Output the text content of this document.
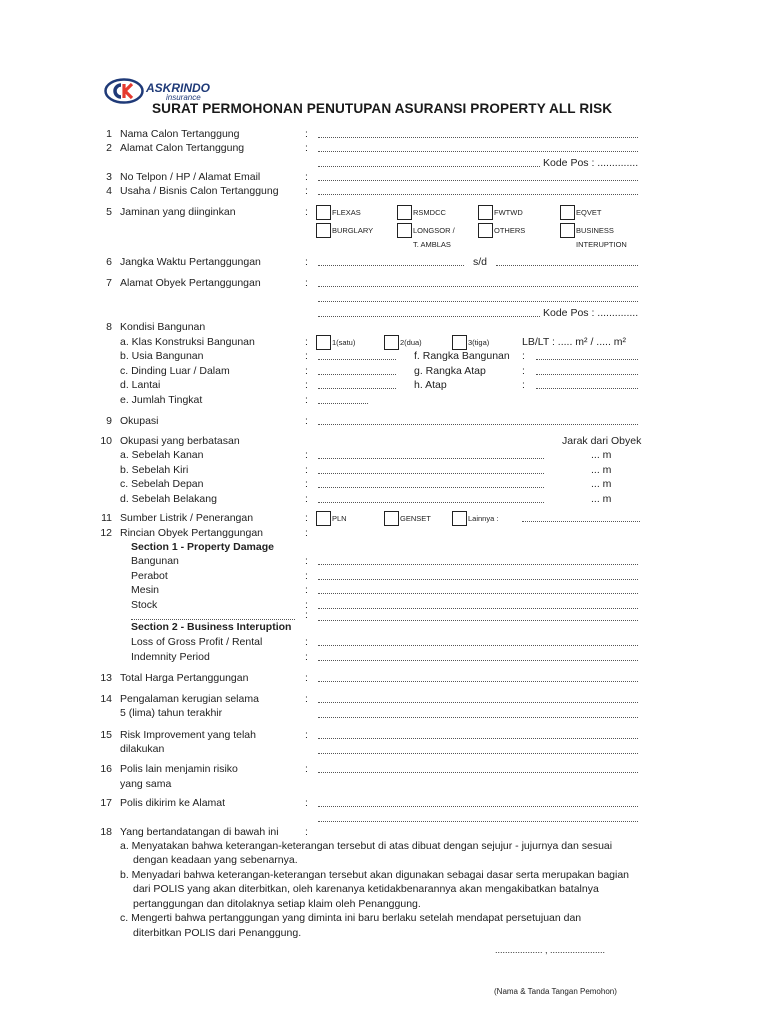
ASKRINDO
insurance
SURAT PERMOHONAN PENUTUPAN ASURANSI PROPERTY ALL RISK
1 Nama Calon Tertanggung	:
2 Alamat Calon Tertanggung	:
Kode Pos : ..............
3 No Telpon / HP / Alamat Email	:
4 Usaha / Bisnis Calon Tertanggung	:
5 Jaminan yang diinginkan	:	FLEXAS	RSMDCC	FWTWD	EQVET
BURGLARY	LONGSOR /
T. AMBLAS
OTHERS	BUSINESS
INTERUPTION
6 Jangka Waktu Pertanggungan	:	s/d
7 Alamat Obyek Pertanggungan	:
Kode Pos : ..............
8 Kondisi Bangunan
a. Klas Konstruksi Bangunan	:	1(satu)	2(dua)	3(tiga)	LB/LT : ..... m² / ..... m²
b. Usia Bangunan	:	f. Rangka Bangunan :
c. Dinding Luar / Dalam	:	g. Rangka Atap	:
d. Lantai	:	h. Atap	:
e. Jumlah Tingkat	:
9 Okupasi	:
10 Okupasi yang berbatasan	Jarak dari Obyek
a. Sebelah Kanan	:	... m
b. Sebelah Kiri	:	... m
c. Sebelah Depan	:	... m
d. Sebelah Belakang	:	... m
11 Sumber Listrik / Penerangan	:	PLN	GENSET	Lainnya :
12 Rincian Obyek Pertanggungan	:
Section 1 - Property Damage
Bangunan	:
Perabot	:
Mesin	:
Stock	:
:
Section 2 - Business Interuption
Loss of Gross Profit / Rental	:
Indemnity Period	:
13 Total Harga Pertanggungan	:
14 Pengalaman kerugian selama
5 (lima) tahun terakhir
:
15 Risk Improvement yang telah
dilakukan
:
16 Polis lain menjamin risiko
yang sama
:
17 Polis dikirim ke Alamat	:
18 Yang bertandatangan di bawah ini	:
a. Menyatakan bahwa keterangan-keterangan tersebut di atas dibuat dengan sejujur - jujurnya dan sesuai
dengan keadaan yang sebenarnya.
b. Menyadari bahwa keterangan-keterangan tersebut akan digunakan sebagai dasar serta merupakan bagian
dari POLIS yang akan diterbitkan, oleh karenanya ketidakbenarannya akan mengakibatkan batalnya
pertanggungan dan ditolaknya setiap klaim oleh Penanggung.
c. Mengerti bahwa pertanggungan yang diminta ini baru berlaku setelah mendapat persetujuan dan
diterbitkan POLIS dari Penanggung.
................... , ......................
(Nama & Tanda Tangan Pemohon)
